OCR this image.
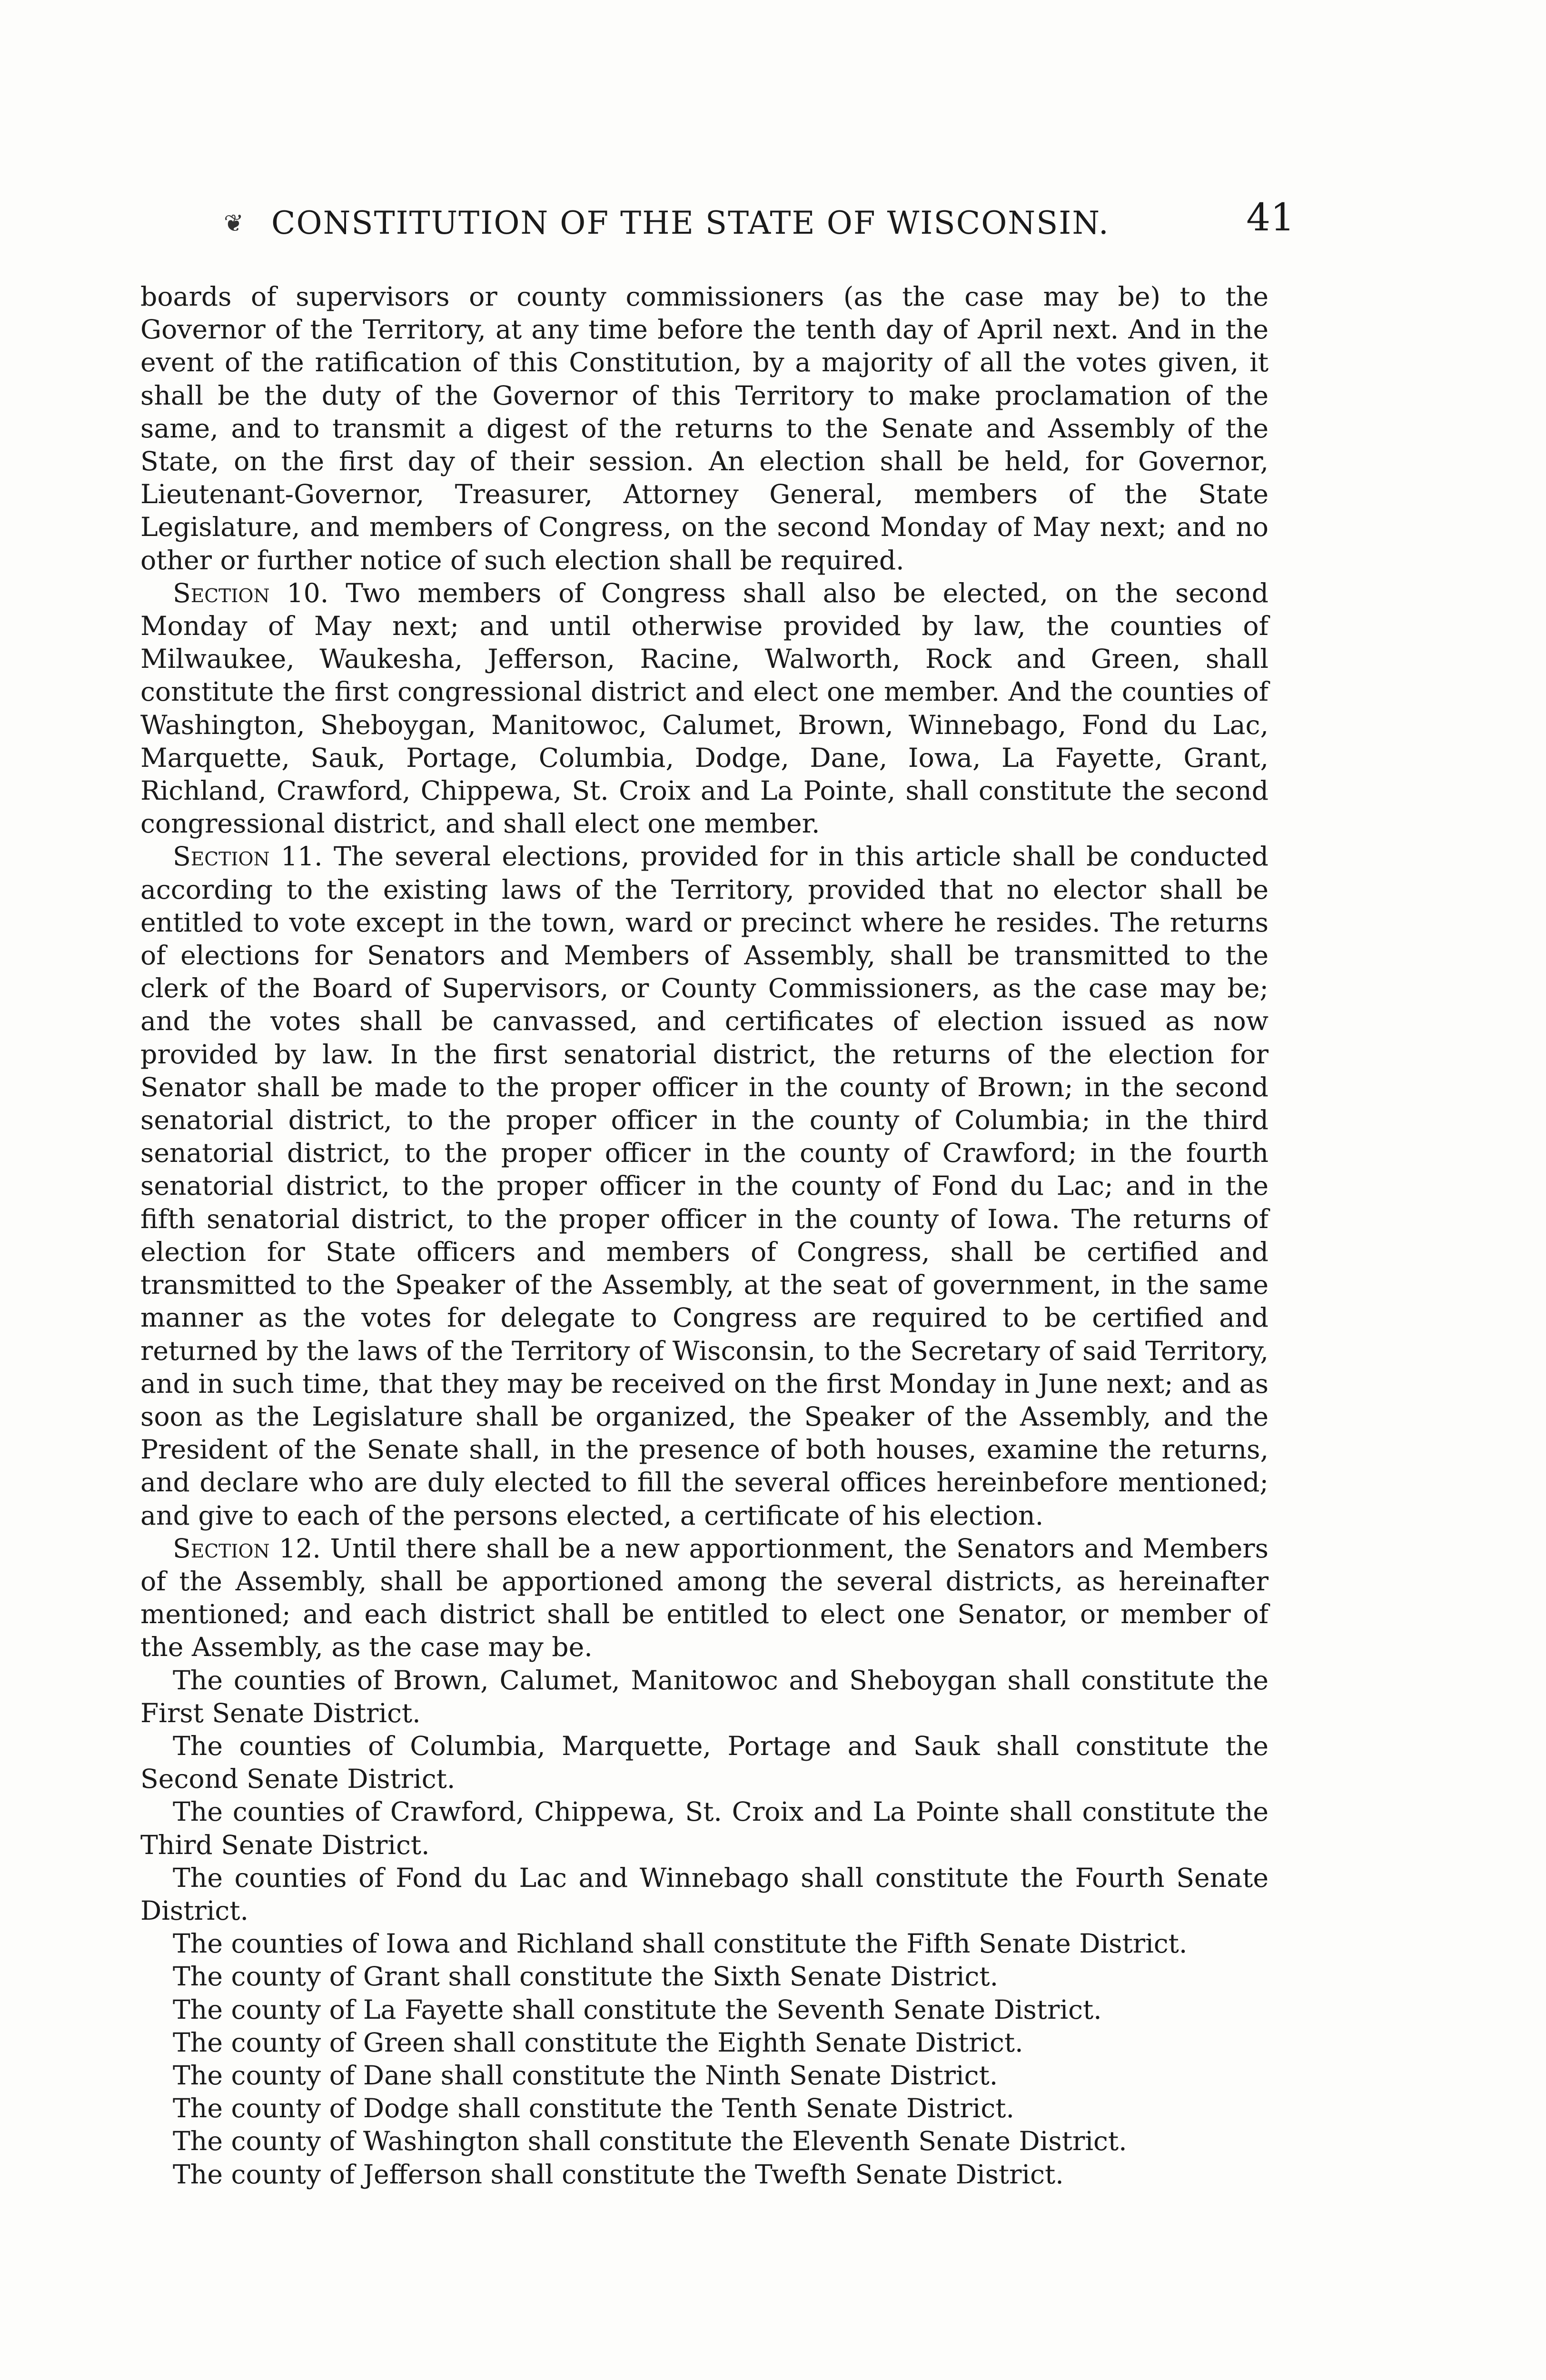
❦ CONSTITUTION OF THE STATE OF WISCONSIN.	41

boards of supervisors or county commissioners (as the case may be) to the Governor of the Territory, at any time before the tenth day of April next. And in the event of the ratification of this Constitution, by a majority of all the votes given, it shall be the duty of the Governor of this Territory to make proclamation of the same, and to transmit a digest of the returns to the Senate and Assembly of the State, on the first day of their session. An election shall be held, for Governor, Lieutenant-Governor, Treasurer, Attorney General, members of the State Legislature, and members of Congress, on the second Monday of May next; and no other or further notice of such election shall be required.

Section 10. Two members of Congress shall also be elected, on the second Monday of May next; and until otherwise provided by law, the counties of Milwaukee, Waukesha, Jefferson, Racine, Walworth, Rock and Green, shall constitute the first congressional district and elect one member. And the counties of Washington, Sheboygan, Manitowoc, Calumet, Brown, Winnebago, Fond du Lac, Marquette, Sauk, Portage, Columbia, Dodge, Dane, Iowa, La Fayette, Grant, Richland, Crawford, Chippewa, St. Croix and La Pointe, shall constitute the second congressional district, and shall elect one member.

Section 11. The several elections, provided for in this article shall be conducted according to the existing laws of the Territory, provided that no elector shall be entitled to vote except in the town, ward or precinct where he resides. The returns of elections for Senators and Members of Assembly, shall be transmitted to the clerk of the Board of Supervisors, or County Commissioners, as the case may be; and the votes shall be canvassed, and certificates of election issued as now provided by law. In the first senatorial district, the returns of the election for Senator shall be made to the proper officer in the county of Brown; in the second senatorial district, to the proper officer in the county of Columbia; in the third senatorial district, to the proper officer in the county of Crawford; in the fourth senatorial district, to the proper officer in the county of Fond du Lac; and in the fifth senatorial district, to the proper officer in the county of Iowa. The returns of election for State officers and members of Congress, shall be certified and transmitted to the Speaker of the Assembly, at the seat of government, in the same manner as the votes for delegate to Congress are required to be certified and returned by the laws of the Territory of Wisconsin, to the Secretary of said Territory, and in such time, that they may be received on the first Monday in June next; and as soon as the Legislature shall be organized, the Speaker of the Assembly, and the President of the Senate shall, in the presence of both houses, examine the returns, and declare who are duly elected to fill the several offices hereinbefore mentioned; and give to each of the persons elected, a certificate of his election.

Section 12. Until there shall be a new apportionment, the Senators and Members of the Assembly, shall be apportioned among the several districts, as hereinafter mentioned; and each district shall be entitled to elect one Senator, or member of the Assembly, as the case may be.

The counties of Brown, Calumet, Manitowoc and Sheboygan shall constitute the First Senate District.

The counties of Columbia, Marquette, Portage and Sauk shall constitute the Second Senate District.

The counties of Crawford, Chippewa, St. Croix and La Pointe shall constitute the Third Senate District.

The counties of Fond du Lac and Winnebago shall constitute the Fourth Senate District.

The counties of Iowa and Richland shall constitute the Fifth Senate District.

The county of Grant shall constitute the Sixth Senate District.

The county of La Fayette shall constitute the Seventh Senate District.

The county of Green shall constitute the Eighth Senate District.

The county of Dane shall constitute the Ninth Senate District.

The county of Dodge shall constitute the Tenth Senate District.

The county of Washington shall constitute the Eleventh Senate District.

The county of Jefferson shall constitute the Twefth Senate District.
